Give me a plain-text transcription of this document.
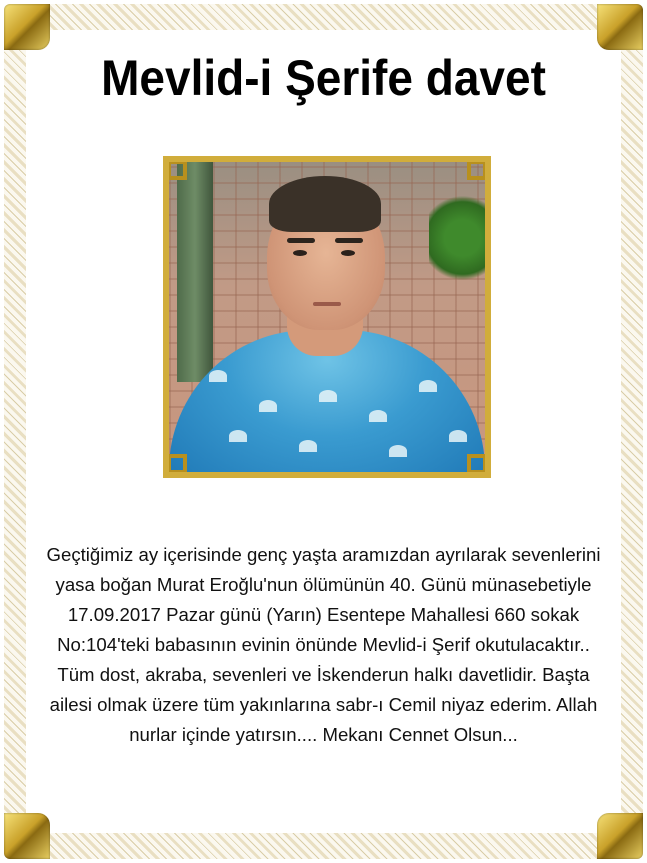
Mevlid-i Şerife davet
Geçtiğimiz ay içerisinde genç yaşta aramızdan ayrılarak sevenlerini
yasa boğan Murat Eroğlu'nun ölümünün 40. Günü münasebetiyle
17.09.2017 Pazar günü (Yarın) Esentepe Mahallesi 660 sokak
No:104'teki babasının evinin önünde Mevlid-i Şerif okutulacaktır..
Tüm dost, akraba, sevenleri ve İskenderun halkı davetlidir. Başta
ailesi olmak üzere tüm yakınlarına sabr-ı Cemil niyaz ederim. Allah
nurlar içinde yatırsın.... Mekanı Cennet Olsun...
